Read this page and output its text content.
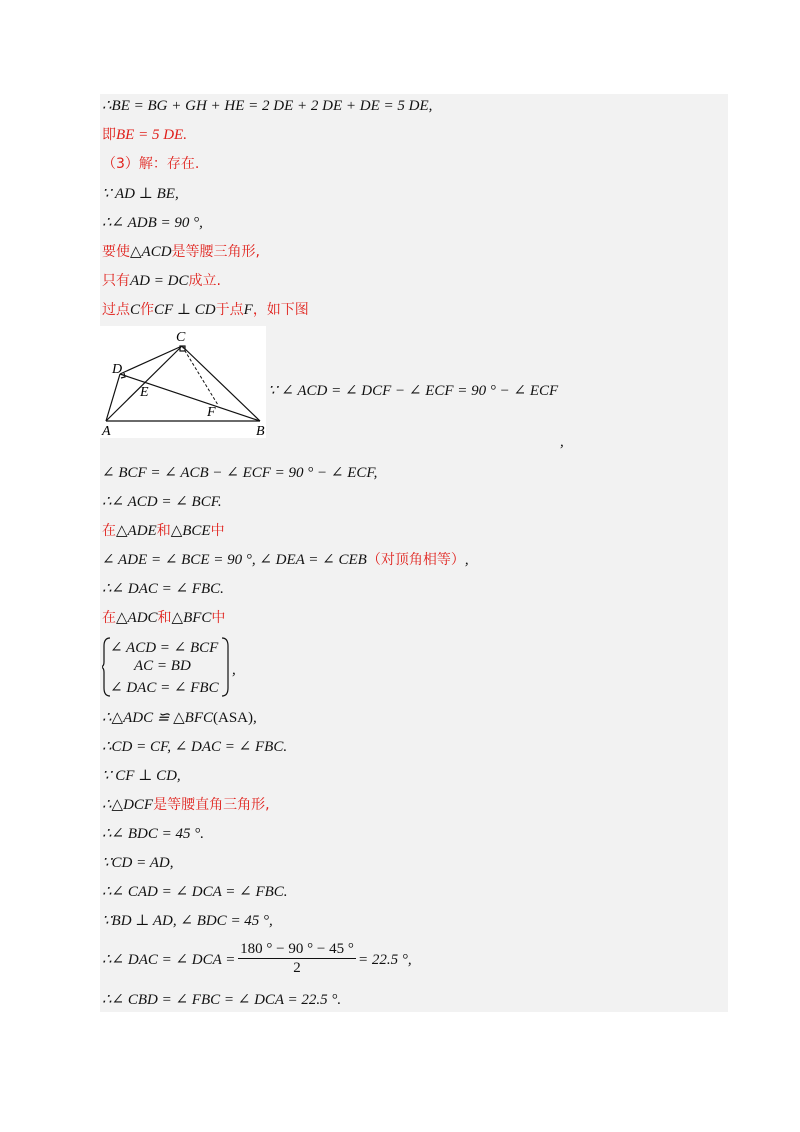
∴BE = BG + GH + HE = 2 DE + 2 DE + DE = 5 DE,
即BE = 5 DE.
（3）解：存在.
∵ AD ⊥ BE,
∴∠ ADB = 90 °,
要使△ACD是等腰三角形,
只有AD = DC成立.
过点C作CF ⊥ CD于点F，如下图
C
D
E
F
A	B
∵ ∠ ACD = ∠ DCF − ∠ ECF = 90 ° − ∠ ECF
,
∠ BCF = ∠ ACB − ∠ ECF = 90 ° − ∠ ECF,
∴∠ ACD = ∠ BCF.
在△ADE和△BCE中
∠ ADE = ∠ BCE = 90 °, ∠ DEA = ∠ CEB（对顶角相等）,
∴∠ DAC = ∠ FBC.
在△ADC和△BFC中
∠ ACD = ∠ BCF
AC = BD
∠ DAC = ∠ FBC
,
∴△ADC ≌ △BFC(ASA),
∴CD = CF, ∠ DAC = ∠ FBC.
∵ CF ⊥ CD,
∴△DCF是等腰直角三角形,
∴∠ BDC = 45 °.
∵CD = AD,
∴∠ CAD = ∠ DCA = ∠ FBC.
∵BD ⊥ AD, ∠ BDC = 45 °,
∴∠ DAC = ∠ DCA =
180 ° − 90 ° − 45 °
2	= 22.5 °,
∴∠ CBD = ∠ FBC = ∠ DCA = 22.5 °.
